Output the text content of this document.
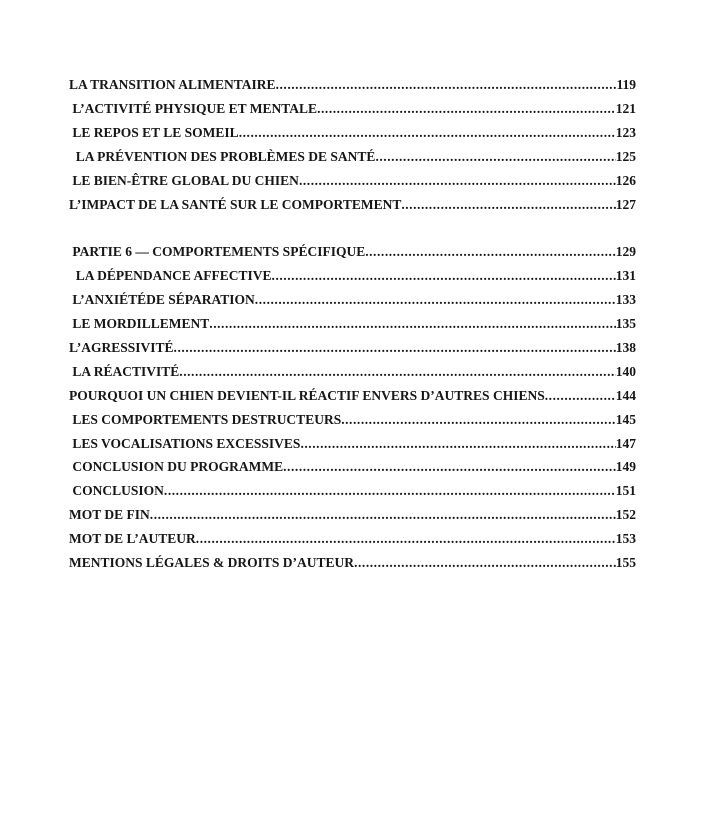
LA TRANSITION ALIMENTAIRE .....	119
L’ACTIVITÉ PHYSIQUE ET MENTALE .....	121
LE REPOS ET LE SOMEIL .....	123
LA PRÉVENTION DES PROBLÈMES DE SANTÉ .....	125
LE BIEN-ÊTRE GLOBAL DU CHIEN .....	126
L’IMPACT DE LA SANTÉ SUR LE COMPORTEMENT .....	127
PARTIE 6 — COMPORTEMENTS SPÉCIFIQUE .....	129
LA DÉPENDANCE AFFECTIVE .....	131
L’ANXIÉTÉDE SÉPARATION .....	133
LE MORDILLEMENT .....	135
L’AGRESSIVITÉ .....	138
LA RÉACTIVITÉ .....	140
POURQUOI UN CHIEN DEVIENT-IL RÉACTIF ENVERS D’AUTRES CHIENS .....	144
LES COMPORTEMENTS DESTRUCTEURS .....	145
LES VOCALISATIONS EXCESSIVES .....	147
CONCLUSION DU PROGRAMME .....	149
CONCLUSION .....	151
MOT DE FIN .....	152
MOT DE L’AUTEUR .....	153
MENTIONS LÉGALES & DROITS D’AUTEUR .....	155
